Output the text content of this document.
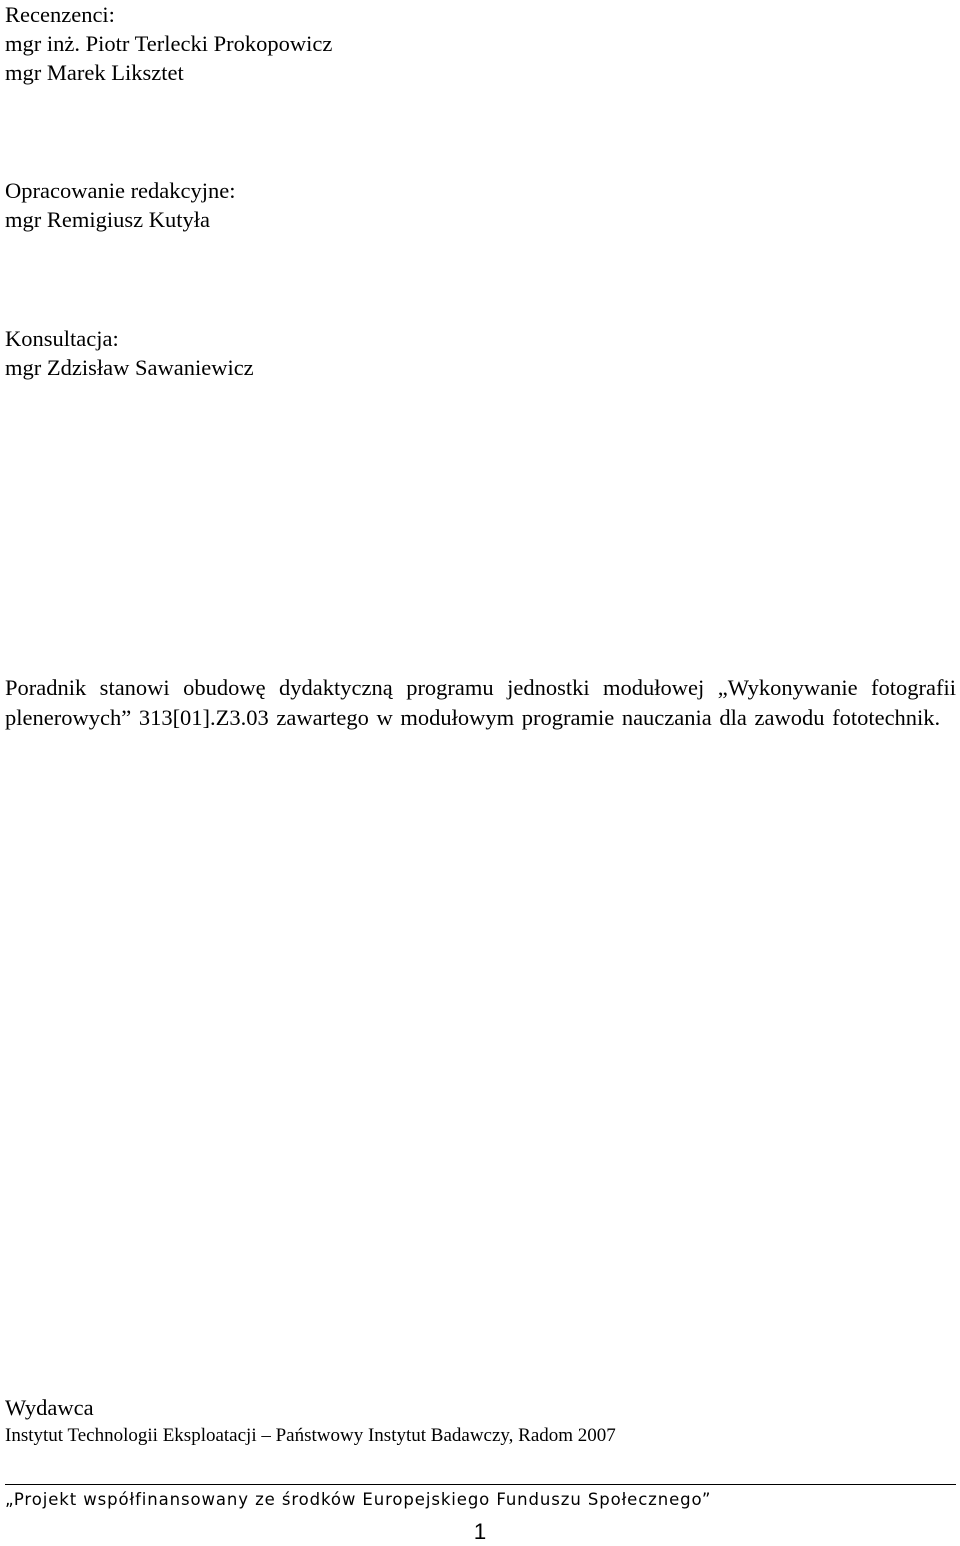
Recenzenci:
mgr inż. Piotr Terlecki Prokopowicz
mgr Marek Liksztet
Opracowanie redakcyjne:
mgr Remigiusz Kutyła
Konsultacja:
mgr Zdzisław Sawaniewicz

Poradnik stanowi obudowę dydaktyczną programu jednostki modułowej „Wykonywanie fotografii plenerowych” 313[01].Z3.03 zawartego w modułowym programie nauczania dla zawodu fototechnik.

Wydawca
Instytut Technologii Eksploatacji – Państwowy Instytut Badawczy, Radom 2007
„Projekt współfinansowany ze środków Europejskiego Funduszu Społecznego”
1
